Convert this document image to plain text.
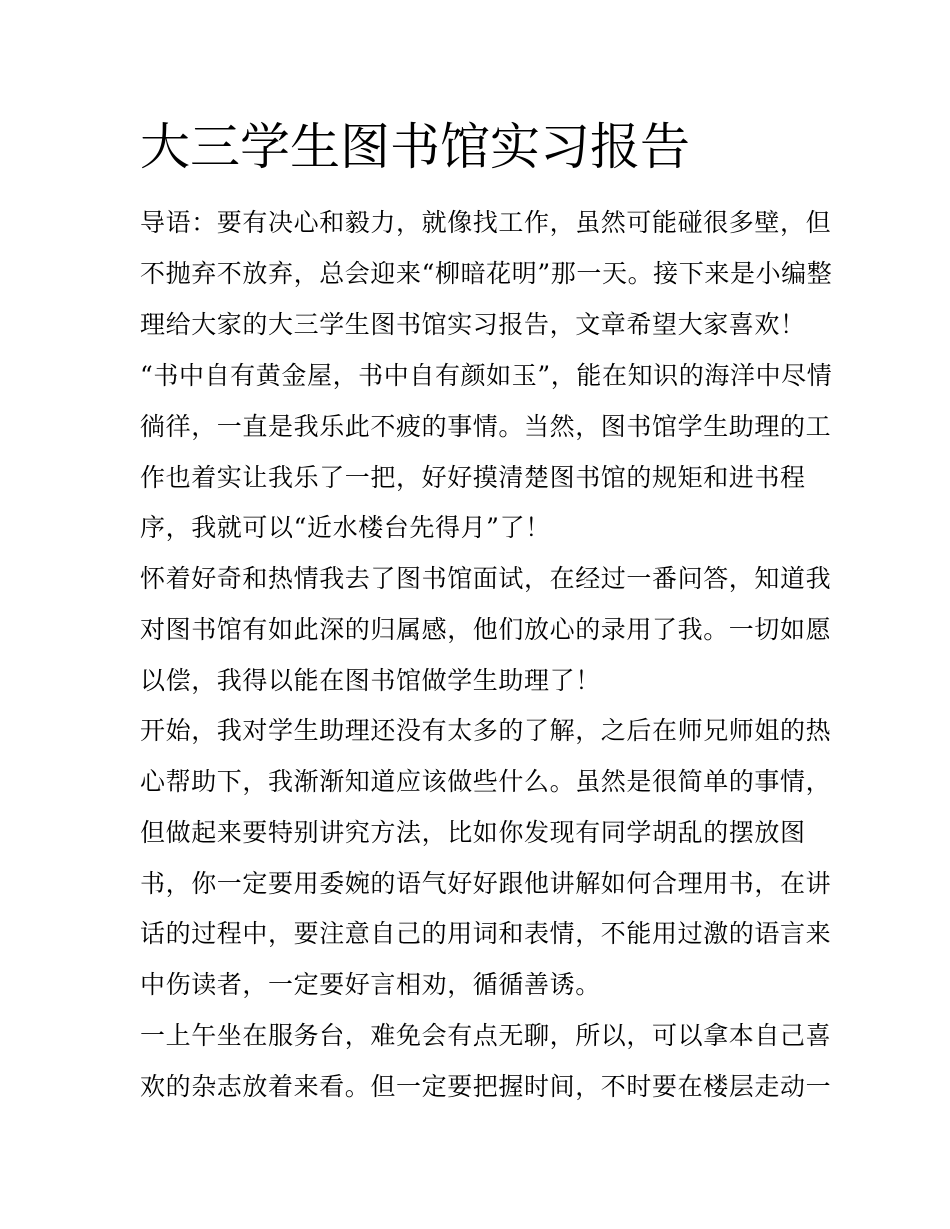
大三学生图书馆实习报告
导语：要有决心和毅力，就像找工作，虽然可能碰很多壁，但
不抛弃不放弃，总会迎来“柳暗花明”那一天。接下来是小编整
理给大家的大三学生图书馆实习报告，文章希望大家喜欢！
“书中自有黄金屋，书中自有颜如玉”，能在知识的海洋中尽情
徜徉，一直是我乐此不疲的事情。当然，图书馆学生助理的工
作也着实让我乐了一把，好好摸清楚图书馆的规矩和进书程
序，我就可以“近水楼台先得月”了！
怀着好奇和热情我去了图书馆面试，在经过一番问答，知道我
对图书馆有如此深的归属感，他们放心的录用了我。一切如愿
以偿，我得以能在图书馆做学生助理了！
开始，我对学生助理还没有太多的了解，之后在师兄师姐的热
心帮助下，我渐渐知道应该做些什么。虽然是很简单的事情，
但做起来要特别讲究方法，比如你发现有同学胡乱的摆放图
书，你一定要用委婉的语气好好跟他讲解如何合理用书，在讲
话的过程中，要注意自己的用词和表情，不能用过激的语言来
中伤读者，一定要好言相劝，循循善诱。
一上午坐在服务台，难免会有点无聊，所以，可以拿本自己喜
欢的杂志放着来看。但一定要把握时间，不时要在楼层走动一
